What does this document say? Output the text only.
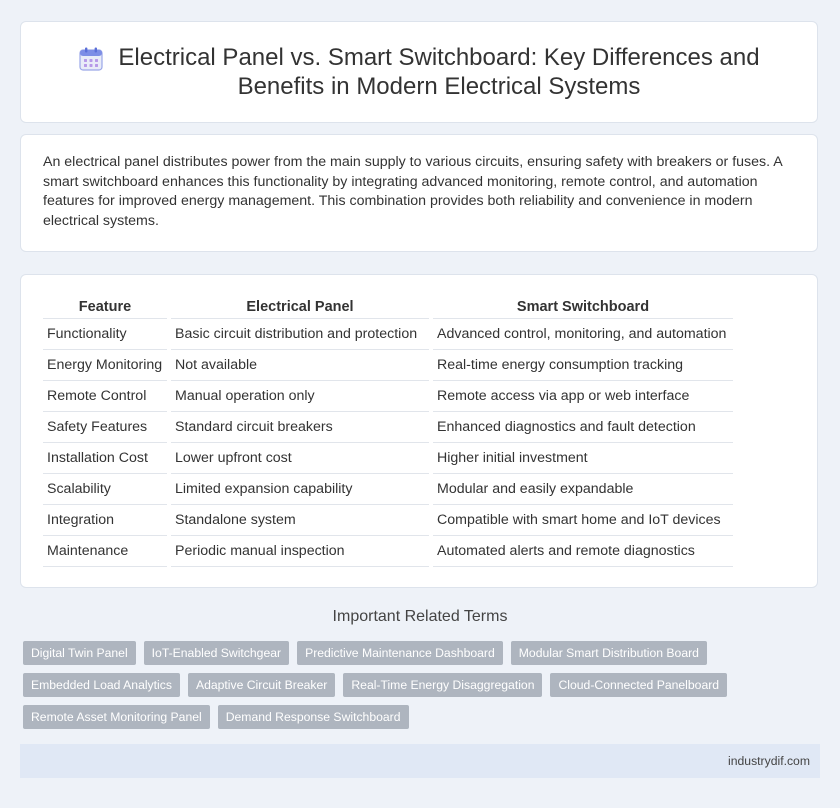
Electrical Panel vs. Smart Switchboard: Key Differences and
Benefits in Modern Electrical Systems

An electrical panel distributes power from the main supply to various circuits, ensuring safety with breakers or fuses. A smart switchboard enhances this functionality by integrating advanced monitoring, remote control, and automation features for improved energy management. This combination provides both reliability and convenience in modern electrical systems.

Feature	Electrical Panel	Smart Switchboard
Functionality	Basic circuit distribution and protection	Advanced control, monitoring, and automation
Energy Monitoring	Not available	Real-time energy consumption tracking
Remote Control	Manual operation only	Remote access via app or web interface
Safety Features	Standard circuit breakers	Enhanced diagnostics and fault detection
Installation Cost	Lower upfront cost	Higher initial investment
Scalability	Limited expansion capability	Modular and easily expandable
Integration	Standalone system	Compatible with smart home and IoT devices
Maintenance	Periodic manual inspection	Automated alerts and remote diagnostics
Important Related Terms
Digital Twin Panel	IoT-Enabled Switchgear	Predictive Maintenance Dashboard	Modular Smart Distribution Board
Embedded Load Analytics	Adaptive Circuit Breaker	Real-Time Energy Disaggregation	Cloud-Connected Panelboard
Remote Asset Monitoring Panel	Demand Response Switchboard
industrydif.com
